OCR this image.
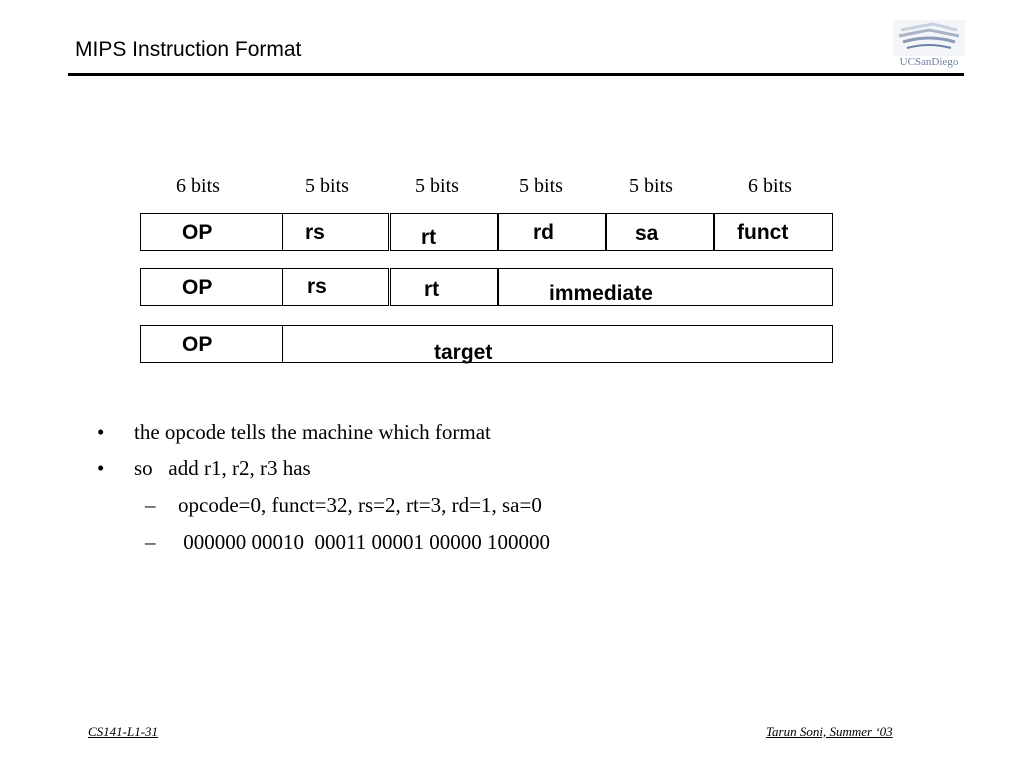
MIPS Instruction Format
UCSanDiego
6 bits	5 bits	5 bits	5 bits	5 bits	6 bits
OP	rs	rt	rd	sa	funct
OP	rs	rt	immediate
OP	target
• the opcode tells the machine which format
• so   add r1, r2, r3 has
– opcode=0, funct=32, rs=2, rt=3, rd=1, sa=0
– 000000 00010  00011 00001 00000 100000
CS141-L1-31	Tarun Soni, Summer ‘03
